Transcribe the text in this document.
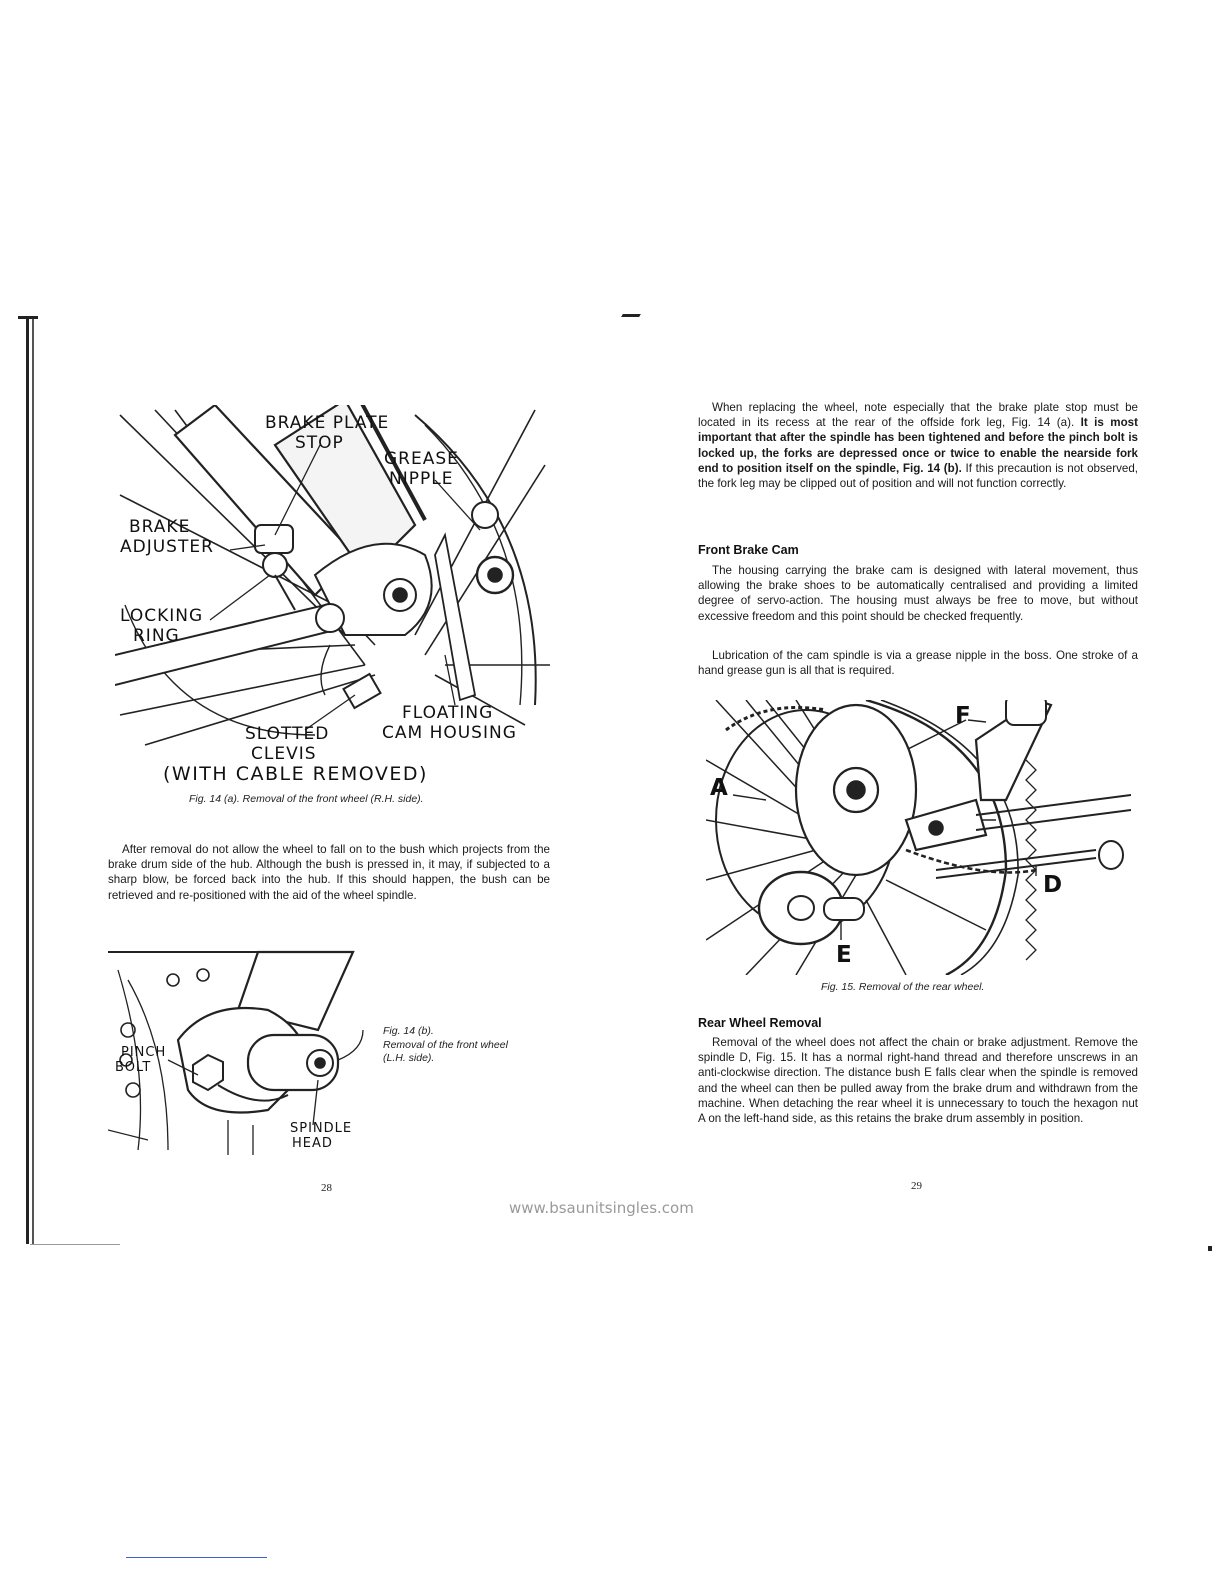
BRAKE PLATE
STOP
GREASE
NIPPLE
BRAKE
ADJUSTER
LOCKING
RING
FLOATING
CAM HOUSING
SLOTTED
CLEVIS
(WITH CABLE REMOVED)
Fig. 14 (a). Removal of the front wheel (R.H. side).

After removal do not allow the wheel to fall on to the bush which projects from the brake drum side of the hub. Although the bush is pressed in, it may, if subjected to a sharp blow, be forced back into the hub. If this should happen, the bush can be retrieved and re-positioned with the aid of the wheel spindle.

PINCH
BOLT
SPINDLE
HEAD
Fig. 14 (b).
Removal of the front wheel
(L.H. side).
28

When replacing the wheel, note especially that the brake plate stop must be located in its recess at the rear of the offside fork leg, Fig. 14 (a). It is most important that after the spindle has been tightened and before the pinch bolt is locked up, the forks are depressed once or twice to enable the nearside fork end to position itself on the spindle, Fig. 14 (b). If this precaution is not observed, the fork leg may be clipped out of position and will not function correctly.

Front Brake Cam

The housing carrying the brake cam is designed with lateral movement, thus allowing the brake shoes to be automatically centralised and providing a limited degree of servo-action. The housing must always be free to move, but without excessive freedom and this point should be checked frequently.

Lubrication of the cam spindle is via a grease nipple in the boss. One stroke of a hand grease gun is all that is required.

A
D
E
F
Fig. 15. Removal of the rear wheel.
Rear Wheel Removal

Removal of the wheel does not affect the chain or brake adjustment. Remove the spindle D, Fig. 15. It has a normal right-hand thread and therefore unscrews in an anti-clockwise direction. The distance bush E falls clear when the spindle is removed and the wheel can then be pulled away from the brake drum and withdrawn from the machine. When detaching the rear wheel it is unnecessary to touch the hexagon nut A on the left-hand side, as this retains the brake drum assembly in position.

29
www.bsaunitsingles.com
